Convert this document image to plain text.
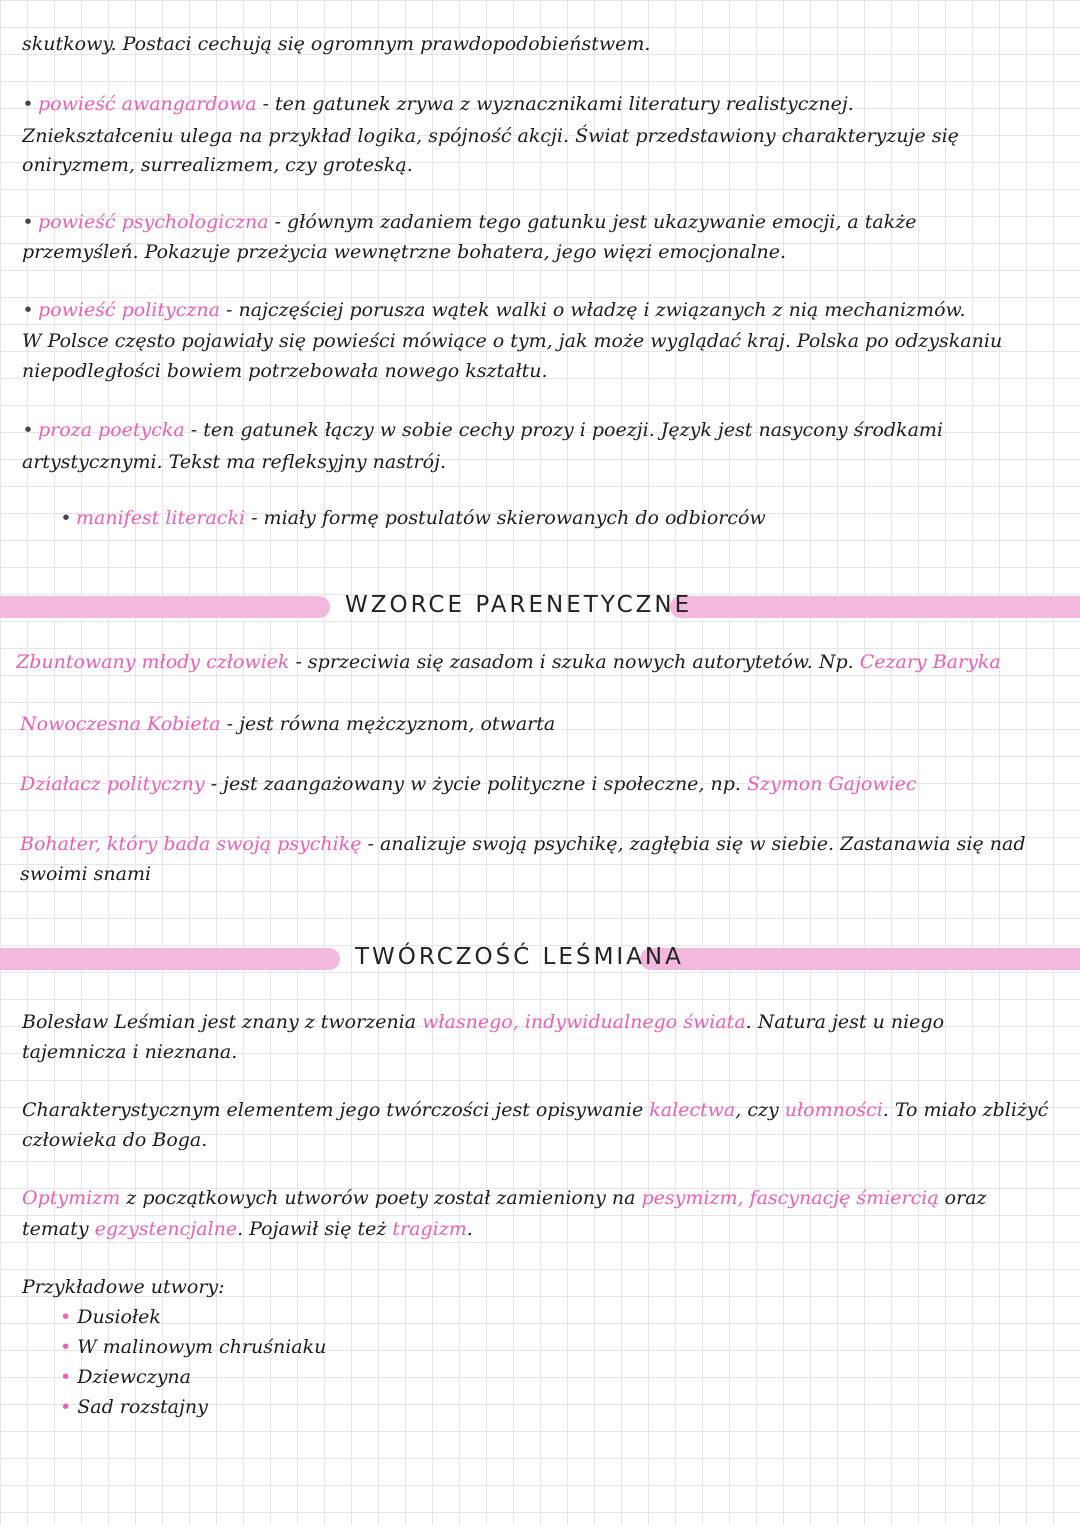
skutkowy. Postaci cechują się ogromnym prawdopodobieństwem.
• powieść awangardowa - ten gatunek zrywa z wyznacznikami literatury realistycznej.
Zniekształceniu ulega na przykład logika, spójność akcji. Świat przedstawiony charakteryzuje się
oniryzmem, surrealizmem, czy groteską.
• powieść psychologiczna - głównym zadaniem tego gatunku jest ukazywanie emocji, a także
przemyśleń. Pokazuje przeżycia wewnętrzne bohatera, jego więzi emocjonalne.
• powieść polityczna - najczęściej porusza wątek walki o władzę i związanych z nią mechanizmów.
W Polsce często pojawiały się powieści mówiące o tym, jak może wyglądać kraj. Polska po odzyskaniu
niepodległości bowiem potrzebowała nowego kształtu.
• proza poetycka - ten gatunek łączy w sobie cechy prozy i poezji. Język jest nasycony środkami
artystycznymi. Tekst ma refleksyjny nastrój.
• manifest literacki - miały formę postulatów skierowanych do odbiorców
WZORCE PARENETYCZNE
Zbuntowany młody człowiek - sprzeciwia się zasadom i szuka nowych autorytetów. Np. Cezary Baryka
Nowoczesna Kobieta - jest równa mężczyznom, otwarta
Działacz polityczny - jest zaangażowany w życie polityczne i społeczne, np. Szymon Gajowiec
Bohater, który bada swoją psychikę - analizuje swoją psychikę, zagłębia się w siebie. Zastanawia się nad
swoimi snami
TWÓRCZOŚĆ LEŚMIANA
Bolesław Leśmian jest znany z tworzenia własnego, indywidualnego świata. Natura jest u niego
tajemnicza i nieznana.
Charakterystycznym elementem jego twórczości jest opisywanie kalectwa, czy ułomności. To miało zbliżyć
człowieka do Boga.
Optymizm z początkowych utworów poety został zamieniony na pesymizm, fascynację śmiercią oraz
tematy egzystencjalne. Pojawił się też tragizm.
Przykładowe utwory:
• Dusiołek
• W malinowym chruśniaku
• Dziewczyna
• Sad rozstajny
